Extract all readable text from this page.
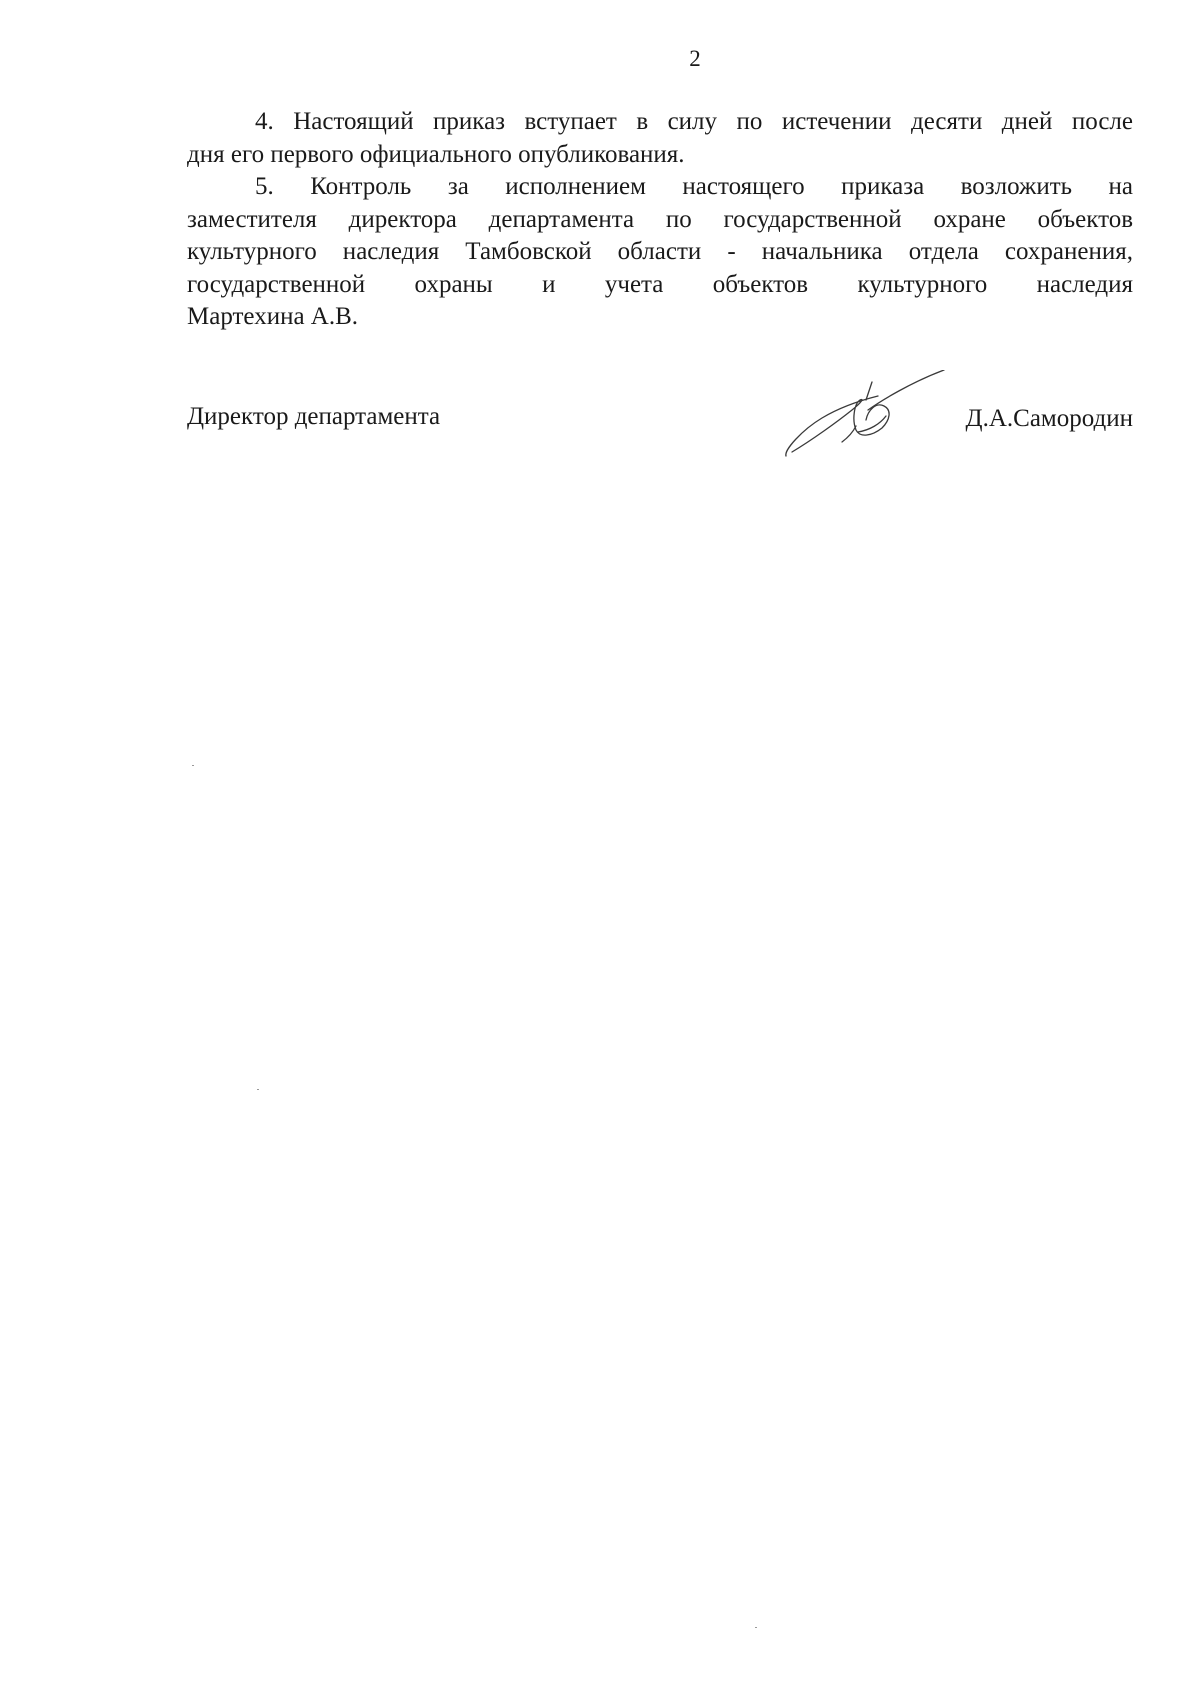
2

4. Настоящий приказ вступает в силу по истечении десяти дней после
дня его первого официального опубликования.

5. Контроль за исполнением настоящего приказа возложить на
заместителя директора департамента по государственной охране объектов
культурного наследия Тамбовской области - начальника отдела сохранения,
государственной охраны и учета объектов культурного наследия
Мартехина А.В.

Директор департамента	Д.А.Самородин
